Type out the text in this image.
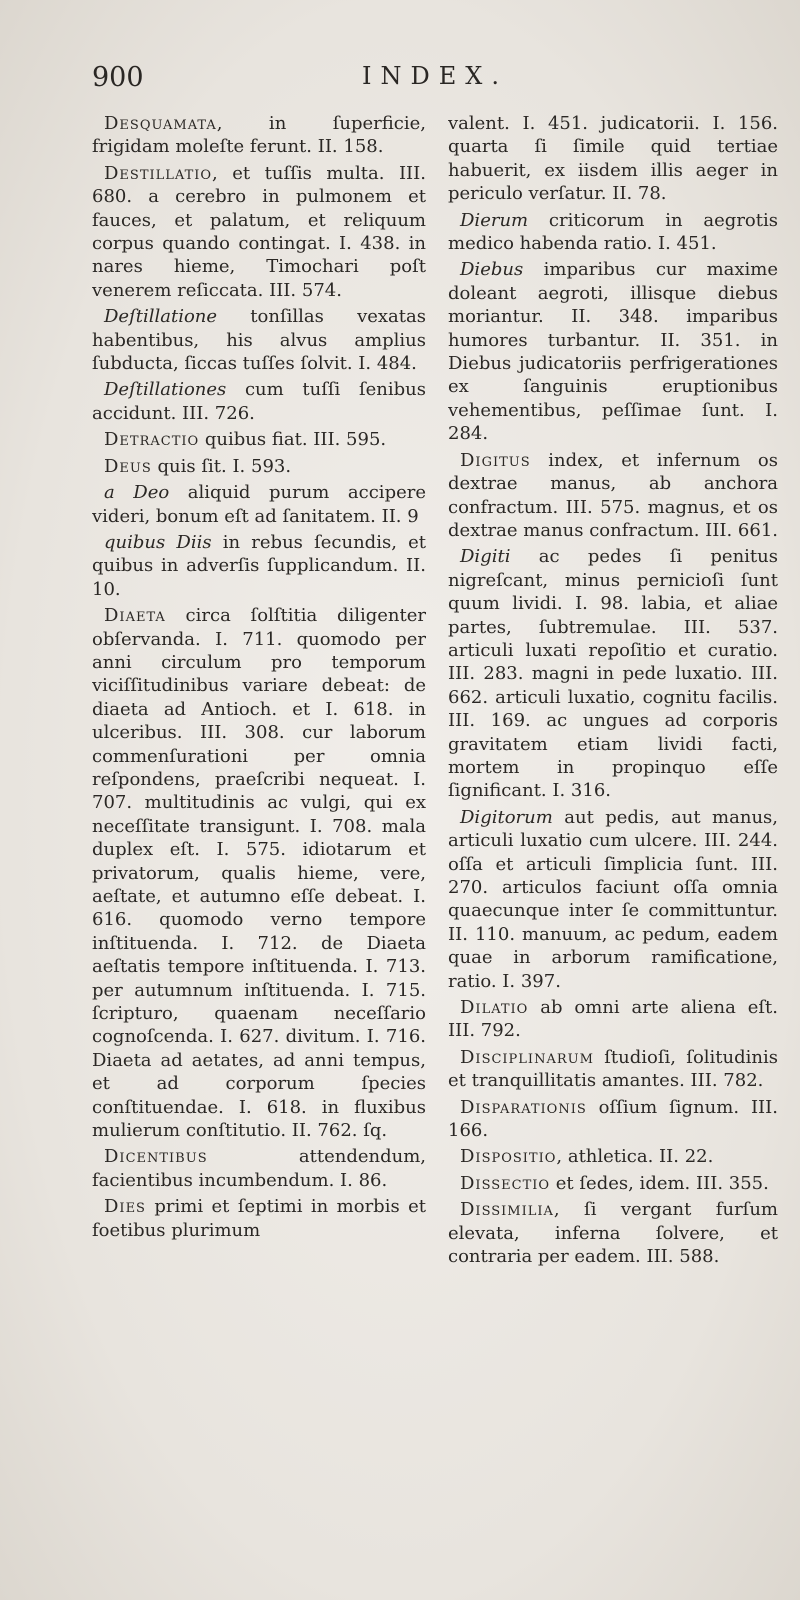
900	INDEX.

Desquamata, in ſuperficie, frigidam moleſte ferunt. II. 158.

Destillatio, et tuſſis multa. III. 680. a cerebro in pulmonem et fauces, et palatum, et reliquum corpus quando contingat. I. 438. in nares hieme, Timochari poſt venerem reſiccata. III. 574.

Deſtillatione tonſillas vexatas habentibus, his alvus amplius ſubducta, ſiccas tuſſes ſolvit. I. 484.

Deſtillationes cum tuſſi ſenibus accidunt. III. 726.

Detractio quibus fiat. III. 595.

Deus quis ſit. I. 593.

a Deo aliquid purum accipere videri, bonum eſt ad ſanitatem. II. 9

quibus Diis in rebus ſecundis, et quibus in adverſis ſupplicandum. II. 10.

Diaeta circa ſolſtitia diligenter obſervanda. I. 711. quomodo per anni circulum pro temporum viciſſitudinibus variare debeat: de diaeta ad Antioch. et I. 618. in ulceribus. III. 308. cur laborum commenſurationi per omnia reſpondens, praeſcribi nequeat. I. 707. multitudinis ac vulgi, qui ex neceſſitate transigunt. I. 708. mala duplex eſt. I. 575. idiotarum et privatorum, qualis hieme, vere, aeſtate, et autumno eſſe debeat. I. 616. quomodo verno tempore inſtituenda. I. 712. de Diaeta aeſtatis tempore inſtituenda. I. 713. per autumnum inſtituenda. I. 715. ſcripturo, quaenam neceſſario cognoſcenda. I. 627. divitum. I. 716. Diaeta ad aetates, ad anni tempus, et ad corporum ſpecies conſtituendae. I. 618. in fluxibus mulierum conſtitutio. II. 762. ſq.

Dicentibus attendendum, facientibus incumbendum. I. 86.

Dies primi et ſeptimi in morbis et foetibus plurimum

valent. I. 451. judicatorii. I. 156. quarta ſi ſimile quid tertiae habuerit, ex iisdem illis aeger in periculo verſatur. II. 78.

Dierum criticorum in aegrotis medico habenda ratio. I. 451.

Diebus imparibus cur maxime doleant aegroti, illisque diebus moriantur. II. 348. imparibus humores turbantur. II. 351. in Diebus judicatoriis perfrigerationes ex ſanguinis eruptionibus vehementibus, peſſimae ſunt. I. 284.

Digitus index, et infernum os dextrae manus, ab anchora confractum. III. 575. magnus, et os dextrae manus confractum. III. 661.

Digiti ac pedes ſi penitus nigreſcant, minus pernicioſi ſunt quum lividi. I. 98. labia, et aliae partes, ſubtremulae. III. 537. articuli luxati repoſitio et curatio. III. 283. magni in pede luxatio. III. 662. articuli luxatio, cognitu facilis. III. 169. ac ungues ad corporis gravitatem etiam lividi facti, mortem in propinquo eſſe ſignificant. I. 316.

Digitorum aut pedis, aut manus, articuli luxatio cum ulcere. III. 244. oſſa et articuli ſimplicia ſunt. III. 270. articulos faciunt oſſa omnia quaecunque inter ſe committuntur. II. 110. manuum, ac pedum, eadem quae in arborum ramificatione, ratio. I. 397.

Dilatio ab omni arte aliena eſt. III. 792.

Disciplinarum ſtudioſi, ſolitudinis et tranquillitatis amantes. III. 782.

Disparationis oſſium ſignum. III. 166.

Dispositio, athletica. II. 22.

Dissectio et ſedes, idem. III. 355.

Dissimilia, ſi vergant furſum elevata, inferna ſolvere, et contraria per eadem. III. 588.
